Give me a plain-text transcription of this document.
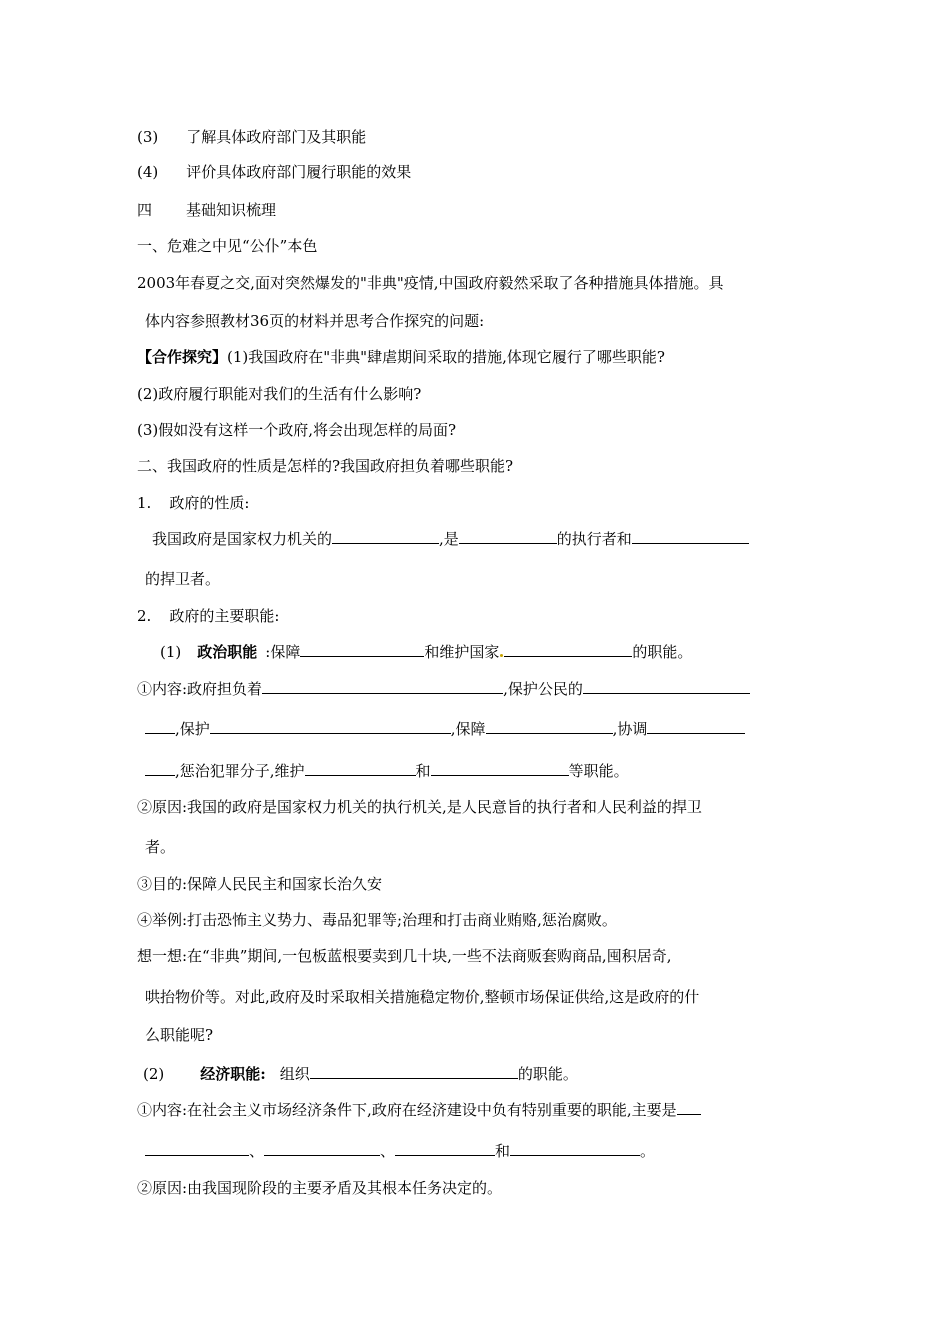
(3) 了解具体政府部门及其职能
(4) 评价具体政府部门履行职能的效果
四 基础知识梳理
一、危难之中见“公仆”本色
2003年春夏之交,面对突然爆发的"非典"疫情,中国政府毅然采取了各种措施具体措施。具
体内容参照教材36页的材料并思考合作探究的问题:
【合作探究】(1)我国政府在"非典"肆虐期间采取的措施,体现它履行了哪些职能?
(2)政府履行职能对我们的生活有什么影响?
(3)假如没有这样一个政府,将会出现怎样的局面?
二、我国政府的性质是怎样的?我国政府担负着哪些职能?
1. 政府的性质:
我国政府是国家权力机关的	,是	的执行者和
的捍卫者。
2. 政府的主要职能:
(1) 政治职能 :保障	和维护国家	的职能。
①内容:政府担负着	,保护公民的
,保护	,保障	,协调
,惩治犯罪分子,维护	和	等职能。
②原因:我国的政府是国家权力机关的执行机关,是人民意旨的执行者和人民利益的捍卫
者。
③目的:保障人民民主和国家长治久安
④举例:打击恐怖主义势力、毒品犯罪等;治理和打击商业贿赂,惩治腐败。
想一想:在“非典”期间,一包板蓝根要卖到几十块,一些不法商贩套购商品,囤积居奇,
哄抬物价等。对此,政府及时采取相关措施稳定物价,整顿市场保证供给,这是政府的什
么职能呢?
(2) 经济职能: 组织	的职能。
①内容:在社会主义市场经济条件下,政府在经济建设中负有特别重要的职能,主要是
、	、	和	。
②原因:由我国现阶段的主要矛盾及其根本任务决定的。
